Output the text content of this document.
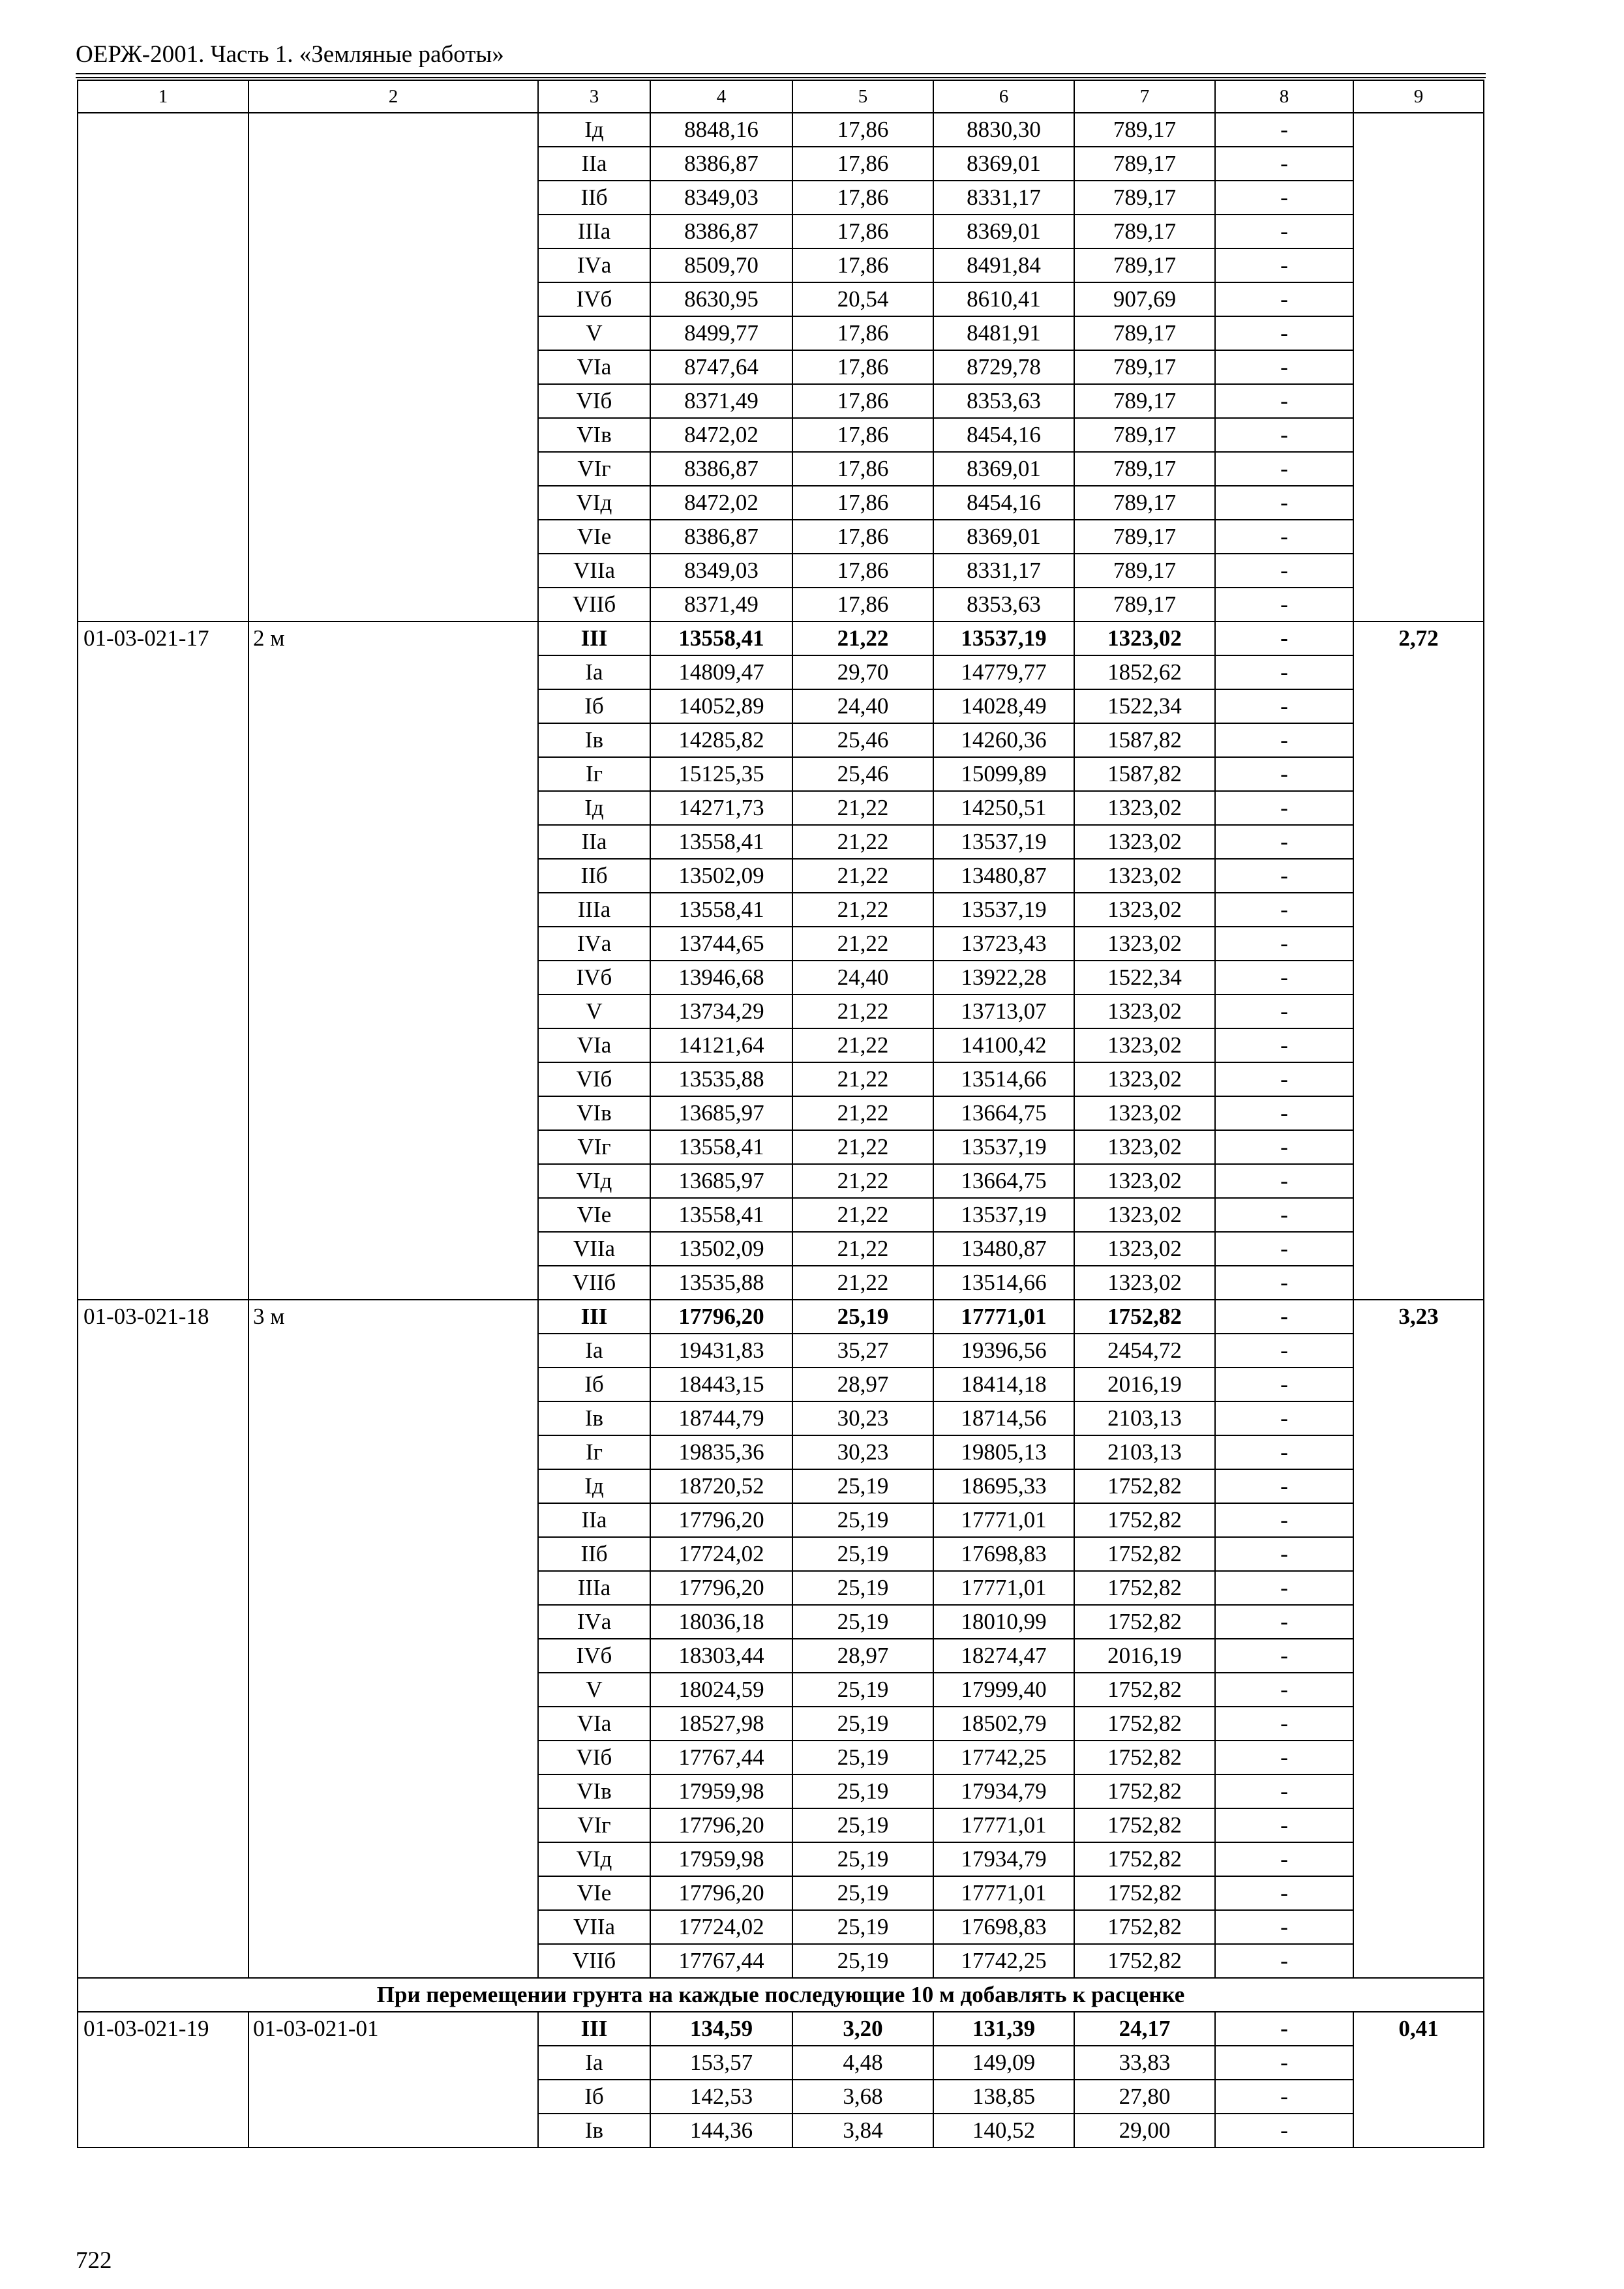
ОЕРЖ-2001. Часть 1. «Земляные работы»
1	2	3	4	5	6	7	8	9
		Iд	8848,16	17,86	8830,30	789,17	-	
		IIа	8386,87	17,86	8369,01	789,17	-	
		IIб	8349,03	17,86	8331,17	789,17	-	
		IIIа	8386,87	17,86	8369,01	789,17	-	
		IVа	8509,70	17,86	8491,84	789,17	-	
		IVб	8630,95	20,54	8610,41	907,69	-	
		V	8499,77	17,86	8481,91	789,17	-	
		VIа	8747,64	17,86	8729,78	789,17	-	
		VIб	8371,49	17,86	8353,63	789,17	-	
		VIв	8472,02	17,86	8454,16	789,17	-	
		VIг	8386,87	17,86	8369,01	789,17	-	
		VIд	8472,02	17,86	8454,16	789,17	-	
		VIе	8386,87	17,86	8369,01	789,17	-	
		VIIа	8349,03	17,86	8331,17	789,17	-	
		VIIб	8371,49	17,86	8353,63	789,17	-	
01-03-021-17	2 м	III	13558,41	21,22	13537,19	1323,02	-	2,72
		Iа	14809,47	29,70	14779,77	1852,62	-	
		Iб	14052,89	24,40	14028,49	1522,34	-	
		Iв	14285,82	25,46	14260,36	1587,82	-	
		Iг	15125,35	25,46	15099,89	1587,82	-	
		Iд	14271,73	21,22	14250,51	1323,02	-	
		IIа	13558,41	21,22	13537,19	1323,02	-	
		IIб	13502,09	21,22	13480,87	1323,02	-	
		IIIа	13558,41	21,22	13537,19	1323,02	-	
		IVа	13744,65	21,22	13723,43	1323,02	-	
		IVб	13946,68	24,40	13922,28	1522,34	-	
		V	13734,29	21,22	13713,07	1323,02	-	
		VIа	14121,64	21,22	14100,42	1323,02	-	
		VIб	13535,88	21,22	13514,66	1323,02	-	
		VIв	13685,97	21,22	13664,75	1323,02	-	
		VIг	13558,41	21,22	13537,19	1323,02	-	
		VIд	13685,97	21,22	13664,75	1323,02	-	
		VIе	13558,41	21,22	13537,19	1323,02	-	
		VIIа	13502,09	21,22	13480,87	1323,02	-	
		VIIб	13535,88	21,22	13514,66	1323,02	-	
01-03-021-18	3 м	III	17796,20	25,19	17771,01	1752,82	-	3,23
		Iа	19431,83	35,27	19396,56	2454,72	-	
		Iб	18443,15	28,97	18414,18	2016,19	-	
		Iв	18744,79	30,23	18714,56	2103,13	-	
		Iг	19835,36	30,23	19805,13	2103,13	-	
		Iд	18720,52	25,19	18695,33	1752,82	-	
		IIа	17796,20	25,19	17771,01	1752,82	-	
		IIб	17724,02	25,19	17698,83	1752,82	-	
		IIIа	17796,20	25,19	17771,01	1752,82	-	
		IVа	18036,18	25,19	18010,99	1752,82	-	
		IVб	18303,44	28,97	18274,47	2016,19	-	
		V	18024,59	25,19	17999,40	1752,82	-	
		VIа	18527,98	25,19	18502,79	1752,82	-	
		VIб	17767,44	25,19	17742,25	1752,82	-	
		VIв	17959,98	25,19	17934,79	1752,82	-	
		VIг	17796,20	25,19	17771,01	1752,82	-	
		VIд	17959,98	25,19	17934,79	1752,82	-	
		VIе	17796,20	25,19	17771,01	1752,82	-	
		VIIа	17724,02	25,19	17698,83	1752,82	-	
		VIIб	17767,44	25,19	17742,25	1752,82	-	
При перемещении грунта на каждые последующие 10 м добавлять к расценке								
01-03-021-19	01-03-021-01	III	134,59	3,20	131,39	24,17	-	0,41
		Iа	153,57	4,48	149,09	33,83	-	
		Iб	142,53	3,68	138,85	27,80	-	
		Iв	144,36	3,84	140,52	29,00	-	
722
